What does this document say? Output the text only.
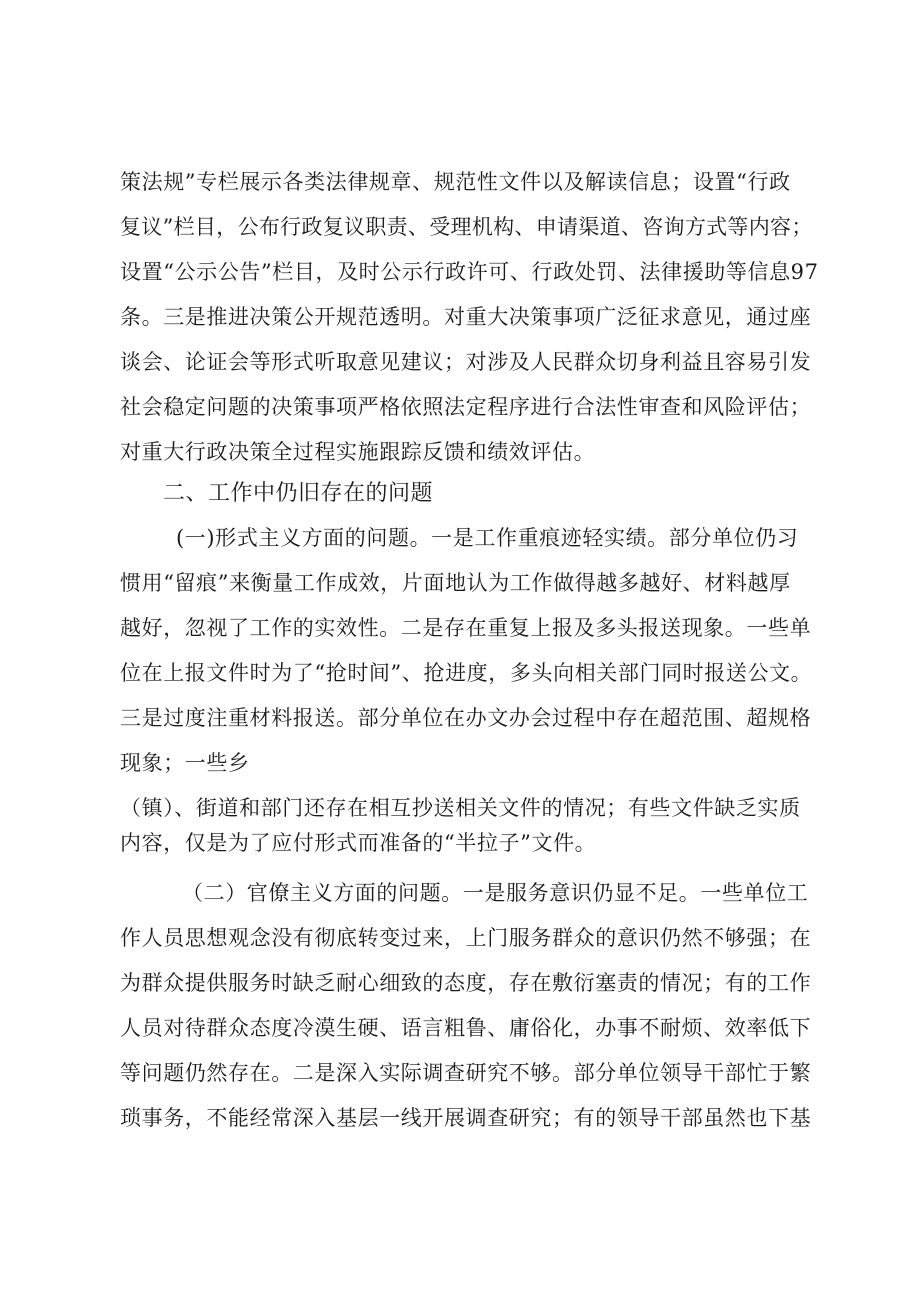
策法规”专栏展示各类法律规章、规范性文件以及解读信息；设置“行政
复议”栏目，公布行政复议职责、受理机构、申请渠道、咨询方式等内容；
设置“公示公告”栏目，及时公示行政许可、行政处罚、法律援助等信息97
条。三是推进决策公开规范透明。对重大决策事项广泛征求意见，通过座
谈会、论证会等形式听取意见建议；对涉及人民群众切身利益且容易引发
社会稳定问题的决策事项严格依照法定程序进行合法性审查和风险评估；
对重大行政决策全过程实施跟踪反馈和绩效评估。
二、工作中仍旧存在的问题
(一)形式主义方面的问题。一是工作重痕迹轻实绩。部分单位仍习
惯用“留痕”来衡量工作成效，片面地认为工作做得越多越好、材料越厚
越好，忽视了工作的实效性。二是存在重复上报及多头报送现象。一些单
位在上报文件时为了“抢时间”、抢进度，多头向相关部门同时报送公文。
三是过度注重材料报送。部分单位在办文办会过程中存在超范围、超规格
现象；一些乡
（镇）、街道和部门还存在相互抄送相关文件的情况；有些文件缺乏实质
内容，仅是为了应付形式而准备的“半拉子”文件。
（二）官僚主义方面的问题。一是服务意识仍显不足。一些单位工
作人员思想观念没有彻底转变过来，上门服务群众的意识仍然不够强；在
为群众提供服务时缺乏耐心细致的态度，存在敷衍塞责的情况；有的工作
人员对待群众态度冷漠生硬、语言粗鲁、庸俗化，办事不耐烦、效率低下
等问题仍然存在。二是深入实际调查研究不够。部分单位领导干部忙于繁
琐事务，不能经常深入基层一线开展调查研究；有的领导干部虽然也下基
